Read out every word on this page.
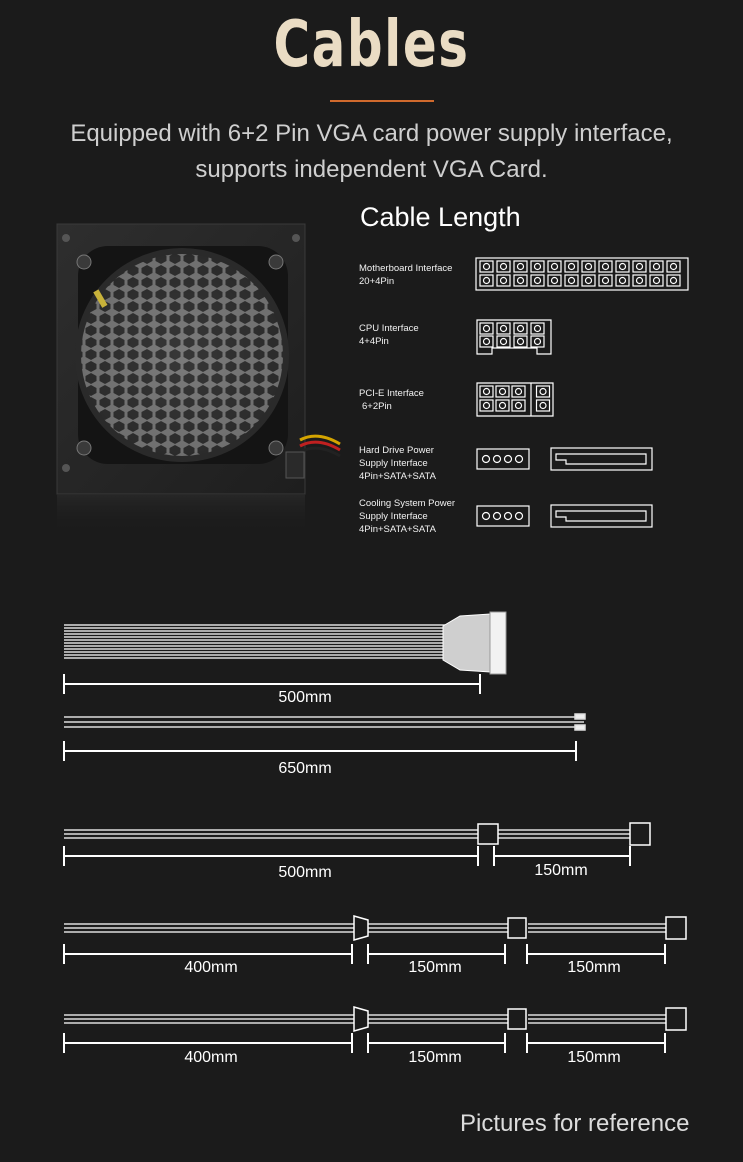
Cables
Equipped with 6+2 Pin VGA card power supply interface,
supports independent VGA Card.
Cable Length
Motherboard Interface
20+4Pin
CPU Interface
4+4Pin
PCI-E Interface
6+2Pin
Hard Drive Power
Supply Interface
4Pin+SATA+SATA
Cooling System Power
Supply Interface
4Pin+SATA+SATA
500mm
650mm
500mm	150mm
400mm	150mm	150mm
400mm	150mm	150mm
Pictures for reference
